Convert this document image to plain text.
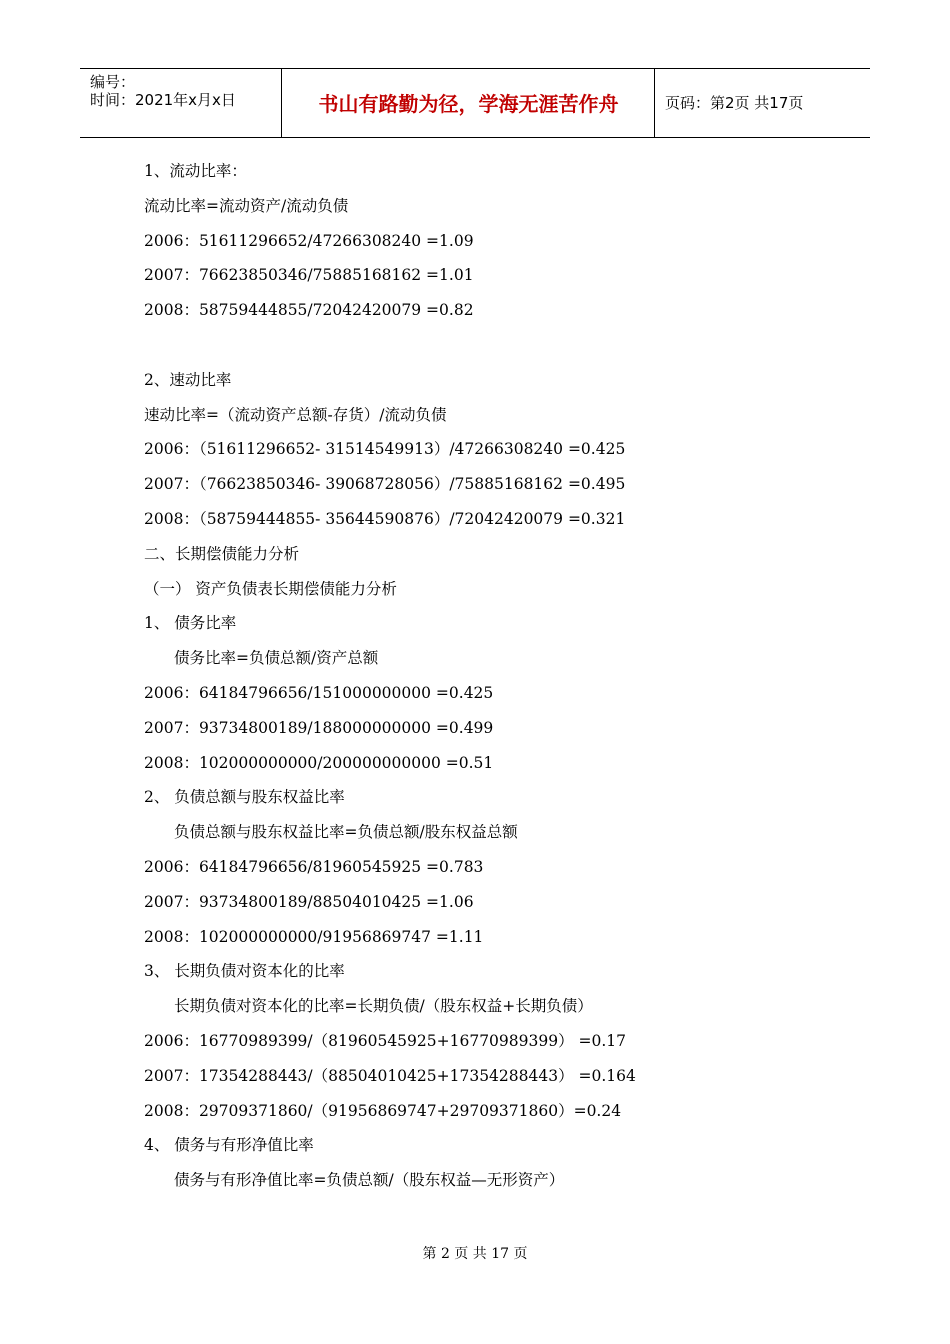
编号：
时间：2021年x月x日	书山有路勤为径，学海无涯苦作舟	页码：第2页 共17页
1、流动比率：
流动比率=流动资产/流动负债
2006：51611296652/47266308240 =1.09
2007：76623850346/75885168162 =1.01
2008：58759444855/72042420079 =0.82
2、速动比率
速动比率=（流动资产总额-存货）/流动负债
2006：（51611296652- 31514549913）/47266308240 =0.425
2007：（76623850346- 39068728056）/75885168162 =0.495
2008：（58759444855- 35644590876）/72042420079 =0.321
二、长期偿债能力分析
（一） 资产负债表长期偿债能力分析
1、 债务比率
债务比率=负债总额/资产总额
2006：64184796656/151000000000 =0.425
2007：93734800189/188000000000 =0.499
2008：102000000000/200000000000 =0.51
2、 负债总额与股东权益比率
负债总额与股东权益比率=负债总额/股东权益总额
2006：64184796656/81960545925 =0.783
2007：93734800189/88504010425 =1.06
2008：102000000000/91956869747 =1.11
3、 长期负债对资本化的比率
长期负债对资本化的比率=长期负债/（股东权益+长期负债）
2006：16770989399/（81960545925+16770989399） =0.17
2007：17354288443/（88504010425+17354288443） =0.164
2008：29709371860/（91956869747+29709371860）=0.24
4、 债务与有形净值比率
债务与有形净值比率=负债总额/（股东权益—无形资产）
第 2 页 共 17 页
